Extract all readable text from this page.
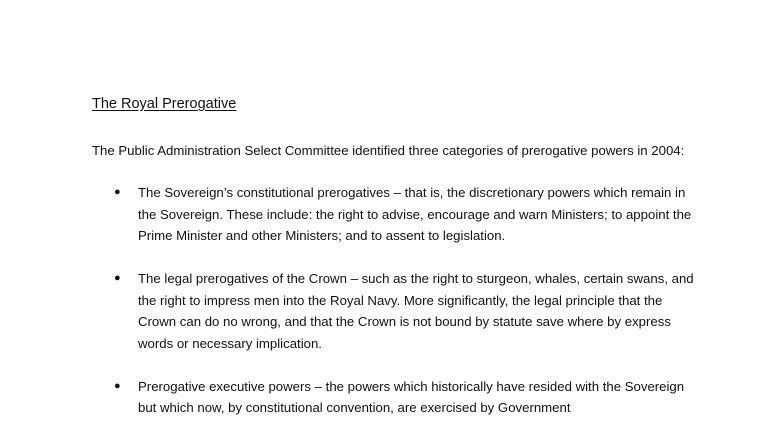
The Royal Prerogative
The Public Administration Select Committee identified three categories of prerogative powers in 2004:
● The Sovereign’s constitutional prerogatives – that is, the discretionary powers which remain in the Sovereign. These include: the right to advise, encourage and warn Ministers; to appoint the Prime Minister and other Ministers; and to assent to legislation.
● The legal prerogatives of the Crown – such as the right to sturgeon, whales, certain swans, and the right to impress men into the Royal Navy. More significantly, the legal principle that the Crown can do no wrong, and that the Crown is not bound by statute save where by express words or necessary implication.
● Prerogative executive powers – the powers which historically have resided with the Sovereign but which now, by constitutional convention, are exercised by Government
